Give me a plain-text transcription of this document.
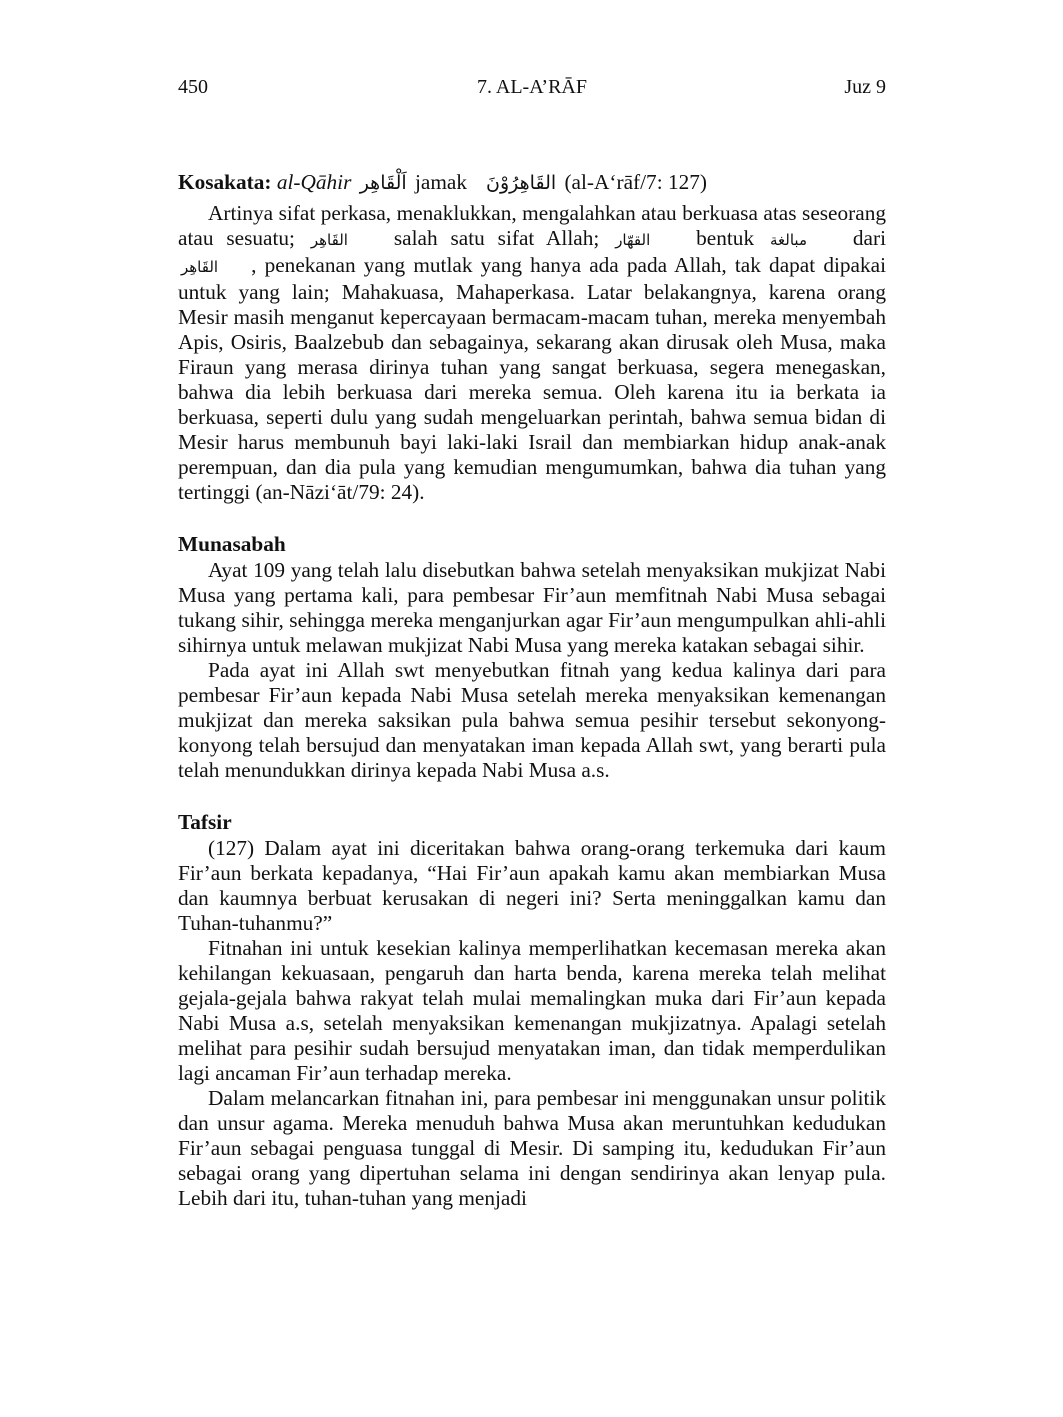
450	7. AL-A’RĀF	Juz 9

Kosakata: al-Qāhir اَلْقَاهِر jamak القَاهِرُوْنَ (al-A‘rāf/7: 127)

Artinya sifat perkasa, menaklukkan, mengalahkan atau berkuasa atas seseorang atau sesuatu; القَاهِر salah satu sifat Allah; القهّار bentuk مبالغة dari القَاهِر , penekanan yang mutlak yang hanya ada pada Allah, tak dapat dipakai untuk yang lain; Mahakuasa, Mahaperkasa. Latar belakangnya, karena orang Mesir masih menganut kepercayaan bermacam-macam tuhan, mereka menyembah Apis, Osiris, Baalzebub dan sebagainya, sekarang akan dirusak oleh Musa, maka Firaun yang merasa dirinya tuhan yang sangat berkuasa, segera menegaskan, bahwa dia lebih berkuasa dari mereka semua. Oleh karena itu ia berkata ia berkuasa, seperti dulu yang sudah mengeluarkan perintah, bahwa semua bidan di Mesir harus membunuh bayi laki-laki Israil dan membiarkan hidup anak-anak perempuan, dan dia pula yang kemudian mengumumkan, bahwa dia tuhan yang tertinggi (an-Nāzi‘āt/79: 24).

Munasabah

Ayat 109 yang telah lalu disebutkan bahwa setelah menyaksikan mukjizat Nabi Musa yang pertama kali, para pembesar Fir’aun memfitnah Nabi Musa sebagai tukang sihir, sehingga mereka menganjurkan agar Fir’aun mengumpulkan ahli-ahli sihirnya untuk melawan mukjizat Nabi Musa yang mereka katakan sebagai sihir.

Pada ayat ini Allah swt menyebutkan fitnah yang kedua kalinya dari para pembesar Fir’aun kepada Nabi Musa setelah mereka menyaksikan kemenangan mukjizat dan mereka saksikan pula bahwa semua pesihir tersebut sekonyong-konyong telah bersujud dan menyatakan iman kepada Allah swt, yang berarti pula telah menundukkan dirinya kepada Nabi Musa a.s.

Tafsir

(127) Dalam ayat ini diceritakan bahwa orang-orang terkemuka dari kaum Fir’aun berkata kepadanya, “Hai Fir’aun apakah kamu akan membiarkan Musa dan kaumnya berbuat kerusakan di negeri ini? Serta meninggalkan kamu dan Tuhan-tuhanmu?”

Fitnahan ini untuk kesekian kalinya memperlihatkan kecemasan mereka akan kehilangan kekuasaan, pengaruh dan harta benda, karena mereka telah melihat gejala-gejala bahwa rakyat telah mulai memalingkan muka dari Fir’aun kepada Nabi Musa a.s, setelah menyaksikan kemenangan mukjizatnya. Apalagi setelah melihat para pesihir sudah bersujud menyatakan iman, dan tidak memperdulikan lagi ancaman Fir’aun terhadap mereka.

Dalam melancarkan fitnahan ini, para pembesar ini menggunakan unsur politik dan unsur agama. Mereka menuduh bahwa Musa akan meruntuhkan kedudukan Fir’aun sebagai penguasa tunggal di Mesir. Di samping itu, kedudukan Fir’aun sebagai orang yang dipertuhan selama ini dengan sendirinya akan lenyap pula. Lebih dari itu, tuhan-tuhan yang menjadi
